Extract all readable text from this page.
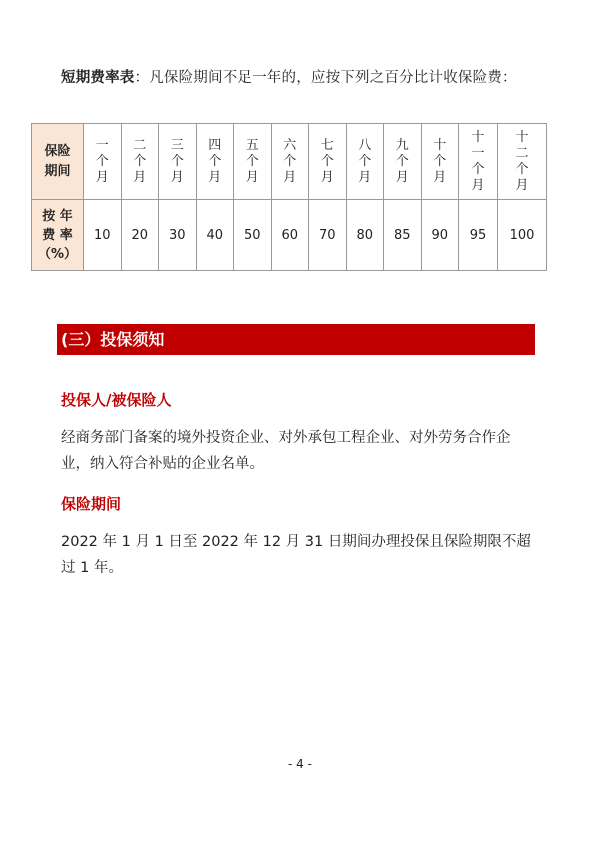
短期费率表：凡保险期间不足一年的，应按下列之百分比计收保险费：
保险期间	一个月	二个月	三个月	四个月	五个月	六个月	七个月	八个月	九个月	十个月	十一个月	十二个月

按 年
费 率
（%）	10	20	30	40	50	60	70	80	85	90	95	100
(三）投保须知
投保人/被保险人
经商务部门备案的境外投资企业、对外承包工程企业、对外劳务合作企业，纳入符合补贴的企业名单。
保险期间
2022 年 1 月 1 日至 2022 年 12 月 31 日期间办理投保且保险期限不超过 1 年。
- 4 -
